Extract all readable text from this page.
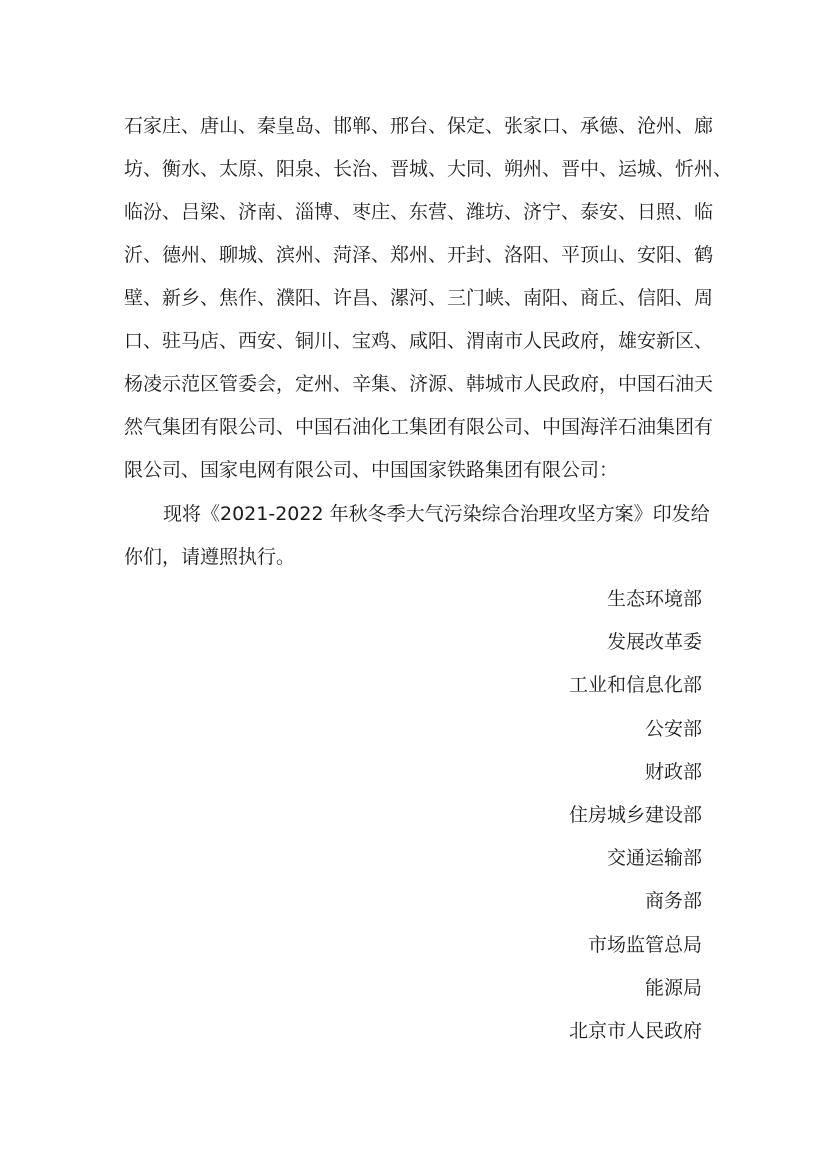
石家庄、唐山、秦皇岛、邯郸、邢台、保定、张家口、承德、沧州、廊
坊、衡水、太原、阳泉、长治、晋城、大同、朔州、晋中、运城、忻州、
临汾、吕梁、济南、淄博、枣庄、东营、潍坊、济宁、泰安、日照、临
沂、德州、聊城、滨州、菏泽、郑州、开封、洛阳、平顶山、安阳、鹤
壁、新乡、焦作、濮阳、许昌、漯河、三门峡、南阳、商丘、信阳、周
口、驻马店、西安、铜川、宝鸡、咸阳、渭南市人民政府，雄安新区、
杨凌示范区管委会，定州、辛集、济源、韩城市人民政府，中国石油天
然气集团有限公司、中国石油化工集团有限公司、中国海洋石油集团有
限公司、国家电网有限公司、中国国家铁路集团有限公司：
现将《2021-2022 年秋冬季大气污染综合治理攻坚方案》印发给
你们，请遵照执行。
生态环境部
发展改革委
工业和信息化部
公安部
财政部
住房城乡建设部
交通运输部
商务部
市场监管总局
能源局
北京市人民政府
